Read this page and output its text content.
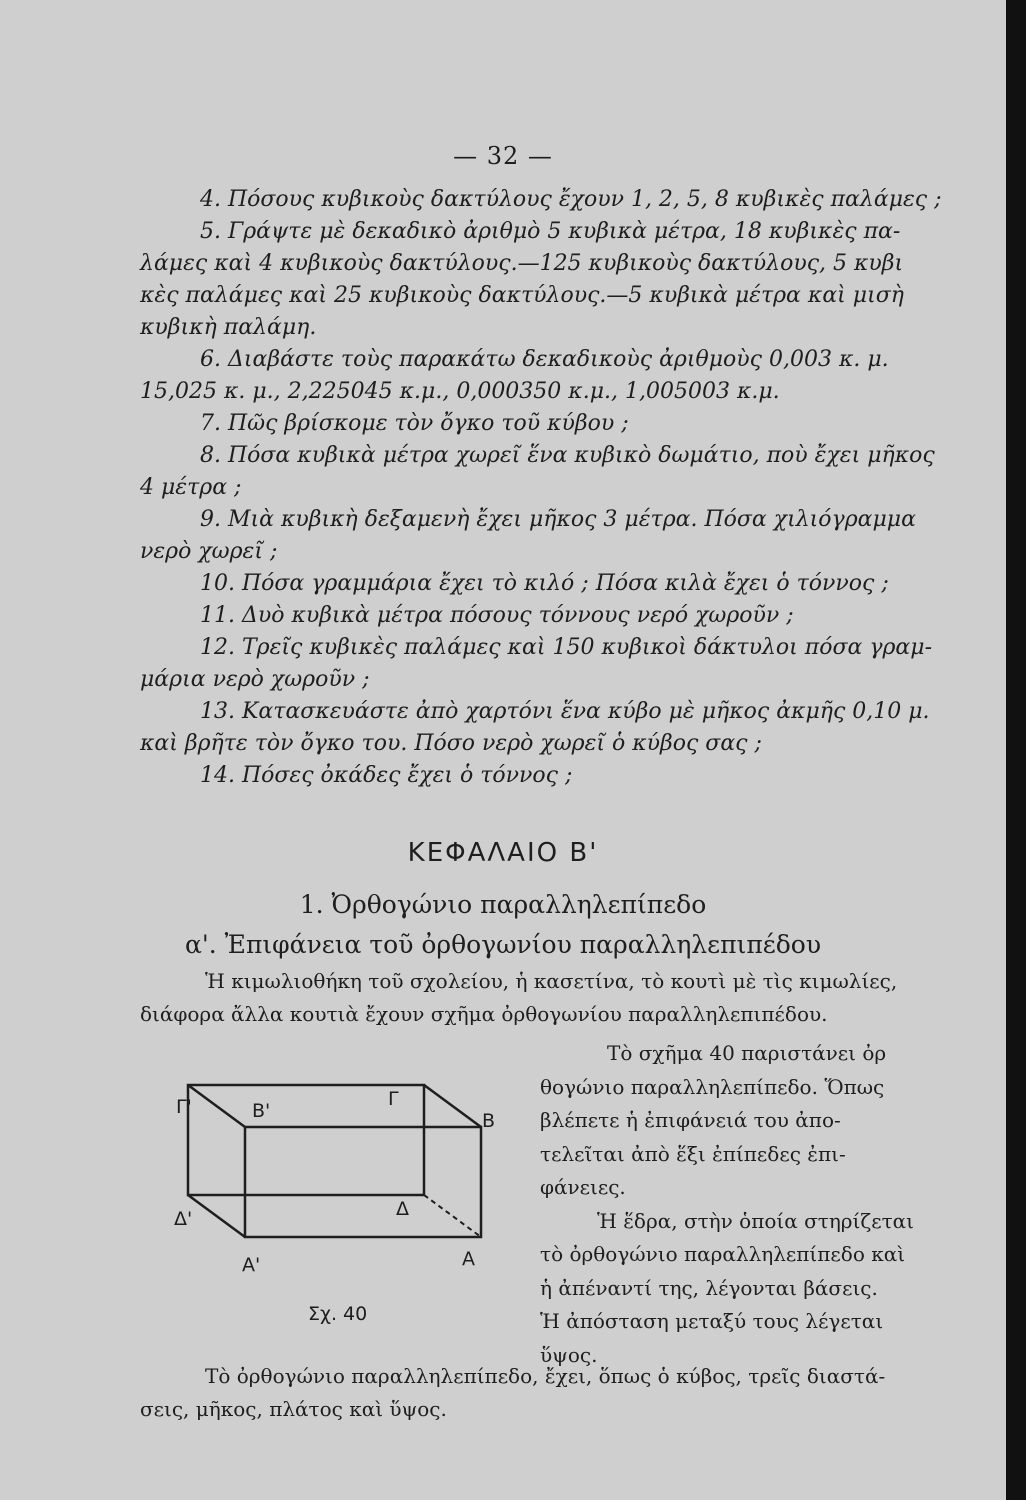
— 32 —
4. Πόσους κυβικοὺς δακτύλους ἔχουν 1, 2, 5, 8 κυβικὲς παλάμες ;
5. Γράψτε μὲ δεκαδικὸ ἀριθμὸ 5 κυβικὰ μέτρα, 18 κυβικὲς πα-
λάμες καὶ 4 κυβικοὺς δακτύλους.—125 κυβικοὺς δακτύλους, 5 κυβι
κὲς παλάμες καὶ 25 κυβικοὺς δακτύλους.—5 κυβικὰ μέτρα καὶ μισὴ
κυβικὴ παλάμη.
6. Διαβάστε τοὺς παρακάτω δεκαδικοὺς ἀριθμοὺς 0,003 κ. μ.
15,025 κ. μ., 2,225045 κ.μ., 0,000350 κ.μ., 1,005003 κ.μ.
7. Πῶς βρίσκομε τὸν ὄγκο τοῦ κύβου ;
8. Πόσα κυβικὰ μέτρα χωρεῖ ἕνα κυβικὸ δωμάτιο, ποὺ ἔχει μῆκος
4 μέτρα ;
9. Μιὰ κυβικὴ δεξαμενὴ ἔχει μῆκος 3 μέτρα. Πόσα χιλιόγραμμα
νερὸ χωρεῖ ;
10. Πόσα γραμμάρια ἔχει τὸ κιλό ; Πόσα κιλὰ ἔχει ὁ τόννος ;
11. Δυὸ κυβικὰ μέτρα πόσους τόννους νερό χωροῦν ;
12. Τρεῖς κυβικὲς παλάμες καὶ 150 κυβικοὶ δάκτυλοι πόσα γραμ-
μάρια νερὸ χωροῦν ;
13. Κατασκευάστε ἀπὸ χαρτόνι ἕνα κύβο μὲ μῆκος ἀκμῆς 0,10 μ.
καὶ βρῆτε τὸν ὄγκο του. Πόσο νερὸ χωρεῖ ὁ κύβος σας ;
14. Πόσες ὀκάδες ἔχει ὁ τόννος ;
ΚΕΦΑΛΑΙΟ Β'
1. Ὀρθογώνιο παραλληλεπίπεδο
α'. Ἐπιφάνεια τοῦ ὀρθογωνίου παραλληλεπιπέδου
Ἡ κιμωλιοθήκη τοῦ σχολείου, ἡ κασετίνα, τὸ κουτὶ μὲ τὶς κιμωλίες,
διάφορα ἄλλα κουτιὰ ἔχουν σχῆμα ὀρθογωνίου παραλληλεπιπέδου.
Τὸ σχῆμα 40 παριστάνει ὀρ
θογώνιο παραλληλεπίπεδο. Ὅπως
βλέπετε ἡ ἐπιφάνειά του ἀπο-
τελεῖται ἀπὸ ἕξι ἐπίπεδες ἐπι-
φάνειες.
Ἡ ἕδρα, στὴν ὁποία στηρίζεται
τὸ ὀρθογώνιο παραλληλεπίπεδο καὶ
ἡ ἀπέναντί της, λέγονται βάσεις.
Ἡ ἀπόσταση μεταξύ τους λέγεται
ὕψος.
Γ'	Β'
Γ
Β
Δ'	Δ
Α'	Α
Σχ. 40
Τὸ ὀρθογώνιο παραλληλεπίπεδο, ἔχει, ὅπως ὁ κύβος, τρεῖς διαστά-
σεις, μῆκος, πλάτος καὶ ὕψος.
